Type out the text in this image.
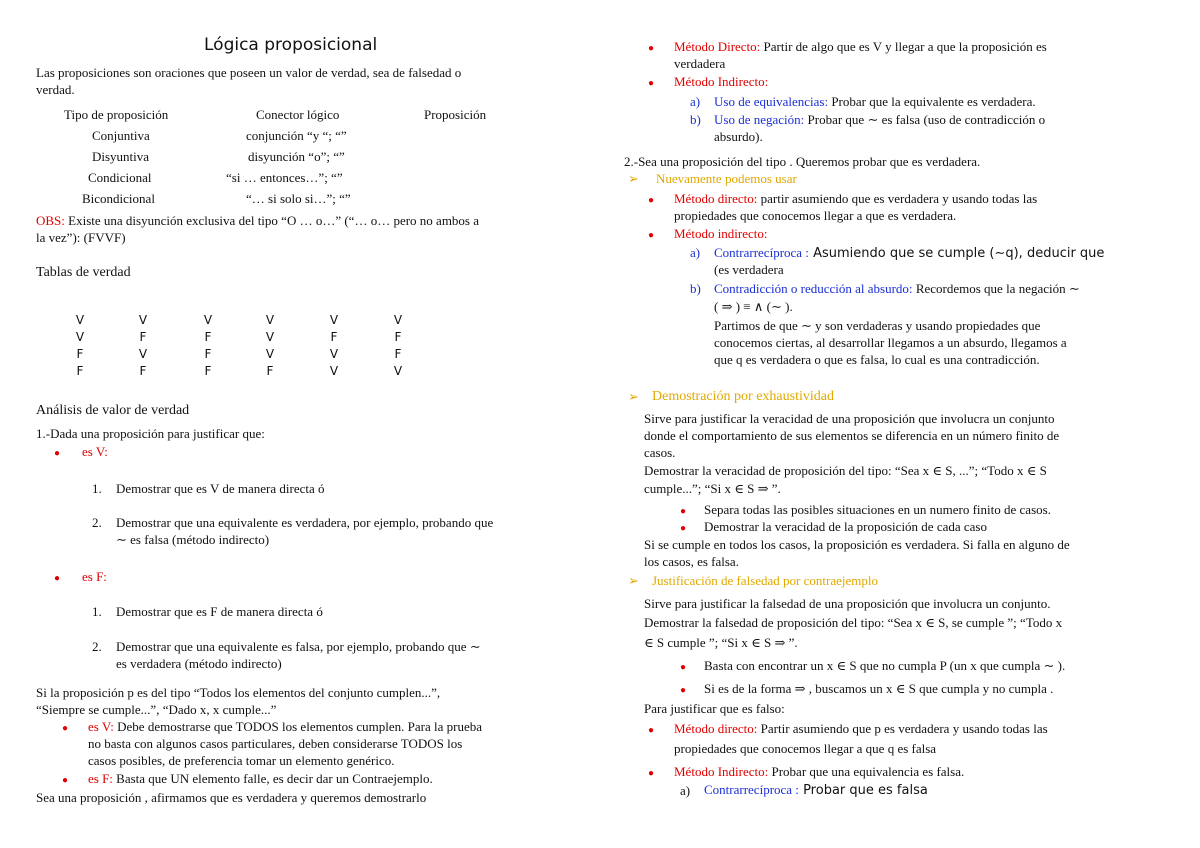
Lógica proposicional
Las proposiciones son oraciones que poseen un valor de verdad, sea de falsedad o
verdad.
Tipo de proposición	Conector lógico	Proposición
Conjuntiva	conjunción “y “; “”
Disyuntiva	disyunción “o”; “”
Condicional	“si … entonces…”; “”
Bicondicional	“… si solo si…”; “”
OBS: Existe una disyunción exclusiva del tipo “O … o…” (“… o… pero no ambos a
la vez”): (FVVF)
Tablas de verdad
V	V	V	V	V	V
V	F	F	V	F	F
F	V	F	V	V	F
F	F	F	F	V	V
Análisis de valor de verdad
1.-Dada una proposición para justificar que:
● es V:
1. Demostrar que es V de manera directa ó
2. Demostrar que una equivalente es verdadera, por ejemplo, probando que
∼ es falsa (método indirecto)
● es F:
1. Demostrar que es F de manera directa ó
2. Demostrar que una equivalente es falsa, por ejemplo, probando que ∼
es verdadera (método indirecto)
Si la proposición p es del tipo “Todos los elementos del conjunto cumplen...”,
“Siempre se cumple...”, “Dado x, x cumple...”
● es V: Debe demostrarse que TODOS los elementos cumplen. Para la prueba
no basta con algunos casos particulares, deben considerarse TODOS los
casos posibles, de preferencia tomar un elemento genérico.
● es F: Basta que UN elemento falle, es decir dar un Contraejemplo.
Sea una proposición , afirmamos que es verdadera y queremos demostrarlo
● Método Directo: Partir de algo que es V y llegar a que la proposición es
verdadera
● Método Indirecto:
a) Uso de equivalencias: Probar que la equivalente es verdadera.
b) Uso de negación: Probar que ∼ es falsa (uso de contradicción o
absurdo).
2.-Sea una proposición del tipo . Queremos probar que es verdadera.
➢ Nuevamente podemos usar
● Método directo: partir asumiendo que es verdadera y usando todas las
propiedades que conocemos llegar a que es verdadera.
● Método indirecto:
a) Contrarrecíproca : Asumiendo que se cumple (∼q), deducir que
(es verdadera
b) Contradicción o reducción al absurdo: Recordemos que la negación ∼
( ⇒ ) ≡ ∧ (∼ ).
Partimos de que ∼ y son verdaderas y usando propiedades que
conocemos ciertas, al desarrollar llegamos a un absurdo, llegamos a
que q es verdadera o que es falsa, lo cual es una contradicción.
➢ Demostración por exhaustividad
Sirve para justificar la veracidad de una proposición que involucra un conjunto
donde el comportamiento de sus elementos se diferencia en un número finito de
casos.
Demostrar la veracidad de proposición del tipo: “Sea x ∈ S, ...”; “Todo x ∈ S
cumple...”; “Si x ∈ S ⇒ ”.
● Separa todas las posibles situaciones en un numero finito de casos.
● Demostrar la veracidad de la proposición de cada caso
Si se cumple en todos los casos, la proposición es verdadera. Si falla en alguno de
los casos, es falsa.
➢ Justificación de falsedad por contraejemplo
Sirve para justificar la falsedad de una proposición que involucra un conjunto.
Demostrar la falsedad de proposición del tipo: “Sea x ∈ S, se cumple ”; “Todo x
∈ S cumple ”; “Si x ∈ S ⇒ ”.
● Basta con encontrar un x ∈ S que no cumpla P (un x que cumpla ∼ ).
● Si es de la forma ⇒ , buscamos un x ∈ S que cumpla y no cumpla .
Para justificar que es falso:
● Método directo: Partir asumiendo que p es verdadera y usando todas las
propiedades que conocemos llegar a que q es falsa
● Método Indirecto: Probar que una equivalencia es falsa.
a) Contrarrecíproca : Probar que es falsa
